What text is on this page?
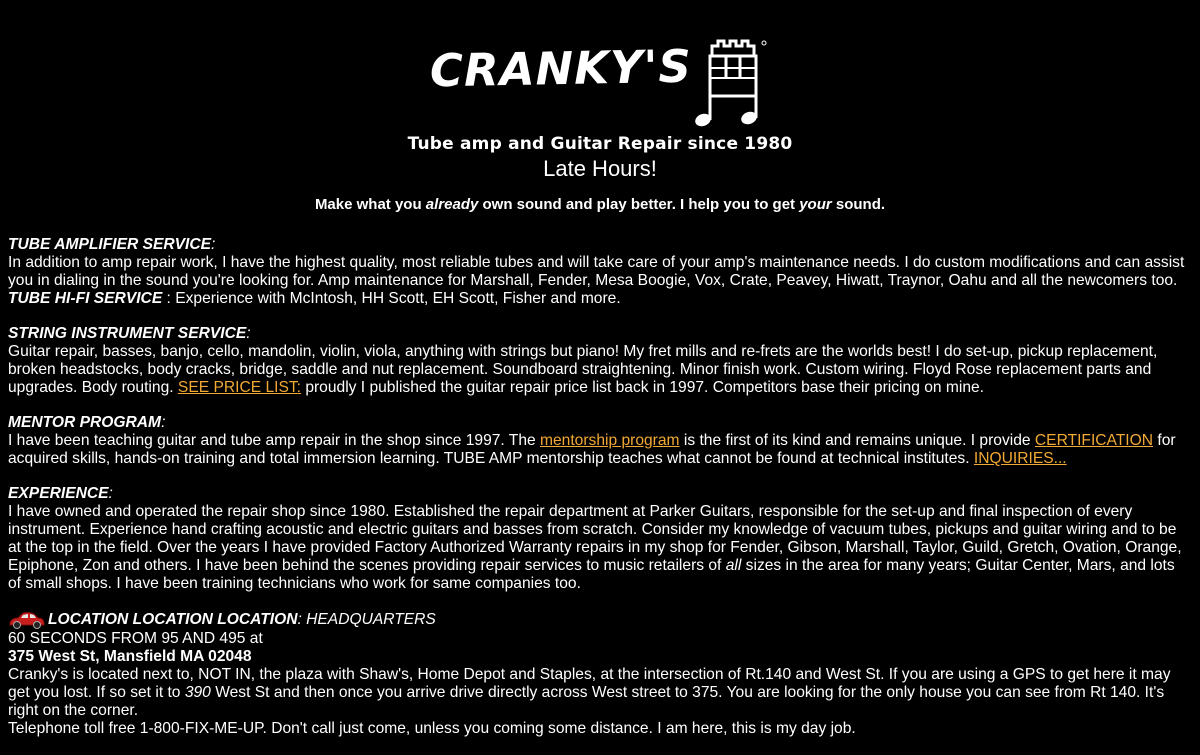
CRANKY'S
Tube amp and Guitar Repair since 1980
Late Hours!
Make what you already own sound and play better. I help you to get your sound.
TUBE AMPLIFIER SERVICE:
In addition to amp repair work, I have the highest quality, most reliable tubes and will take care of your amp's maintenance needs. I do custom modifications and can assist you in dialing in the sound you're looking for. Amp maintenance for Marshall, Fender, Mesa Boogie, Vox, Crate, Peavey, Hiwatt, Traynor, Oahu and all the newcomers too. TUBE HI-FI SERVICE : Experience with McIntosh, HH Scott, EH Scott, Fisher and more.
STRING INSTRUMENT SERVICE:
Guitar repair, basses, banjo, cello, mandolin, violin, viola, anything with strings but piano! My fret mills and re-frets are the worlds best! I do set-up, pickup replacement, broken headstocks, body cracks, bridge, saddle and nut replacement. Soundboard straightening. Minor finish work. Custom wiring. Floyd Rose replacement parts and upgrades. Body routing. SEE PRICE LIST: proudly I published the guitar repair price list back in 1997. Competitors base their pricing on mine.
MENTOR PROGRAM:
I have been teaching guitar and tube amp repair in the shop since 1997. The mentorship program is the first of its kind and remains unique. I provide CERTIFICATION for acquired skills, hands-on training and total immersion learning. TUBE AMP mentorship teaches what cannot be found at technical institutes. INQUIRIES...
EXPERIENCE:
I have owned and operated the repair shop since 1980. Established the repair department at Parker Guitars, responsible for the set-up and final inspection of every instrument. Experience hand crafting acoustic and electric guitars and basses from scratch. Consider my knowledge of vacuum tubes, pickups and guitar wiring and to be at the top in the field. Over the years I have provided Factory Authorized Warranty repairs in my shop for Fender, Gibson, Marshall, Taylor, Guild, Gretch, Ovation, Orange, Epiphone, Zon and others. I have been behind the scenes providing repair services to music retailers of all sizes in the area for many years; Guitar Center, Mars, and lots of small shops. I have been training technicians who work for same companies too.
LOCATION LOCATION LOCATION : HEADQUARTERS
60 SECONDS FROM 95 AND 495 at
375 West St, Mansfield MA 02048
Cranky's is located next to, NOT IN, the plaza with Shaw's, Home Depot and Staples, at the intersection of Rt.140 and West St. If you are using a GPS to get here it may get you lost. If so set it to 390 West St and then once you arrive drive directly across West street to 375. You are looking for the only house you can see from Rt 140. It's right on the corner.
Telephone toll free 1-800-FIX-ME-UP. Don't call just come, unless you coming some distance. I am here, this is my day job.
